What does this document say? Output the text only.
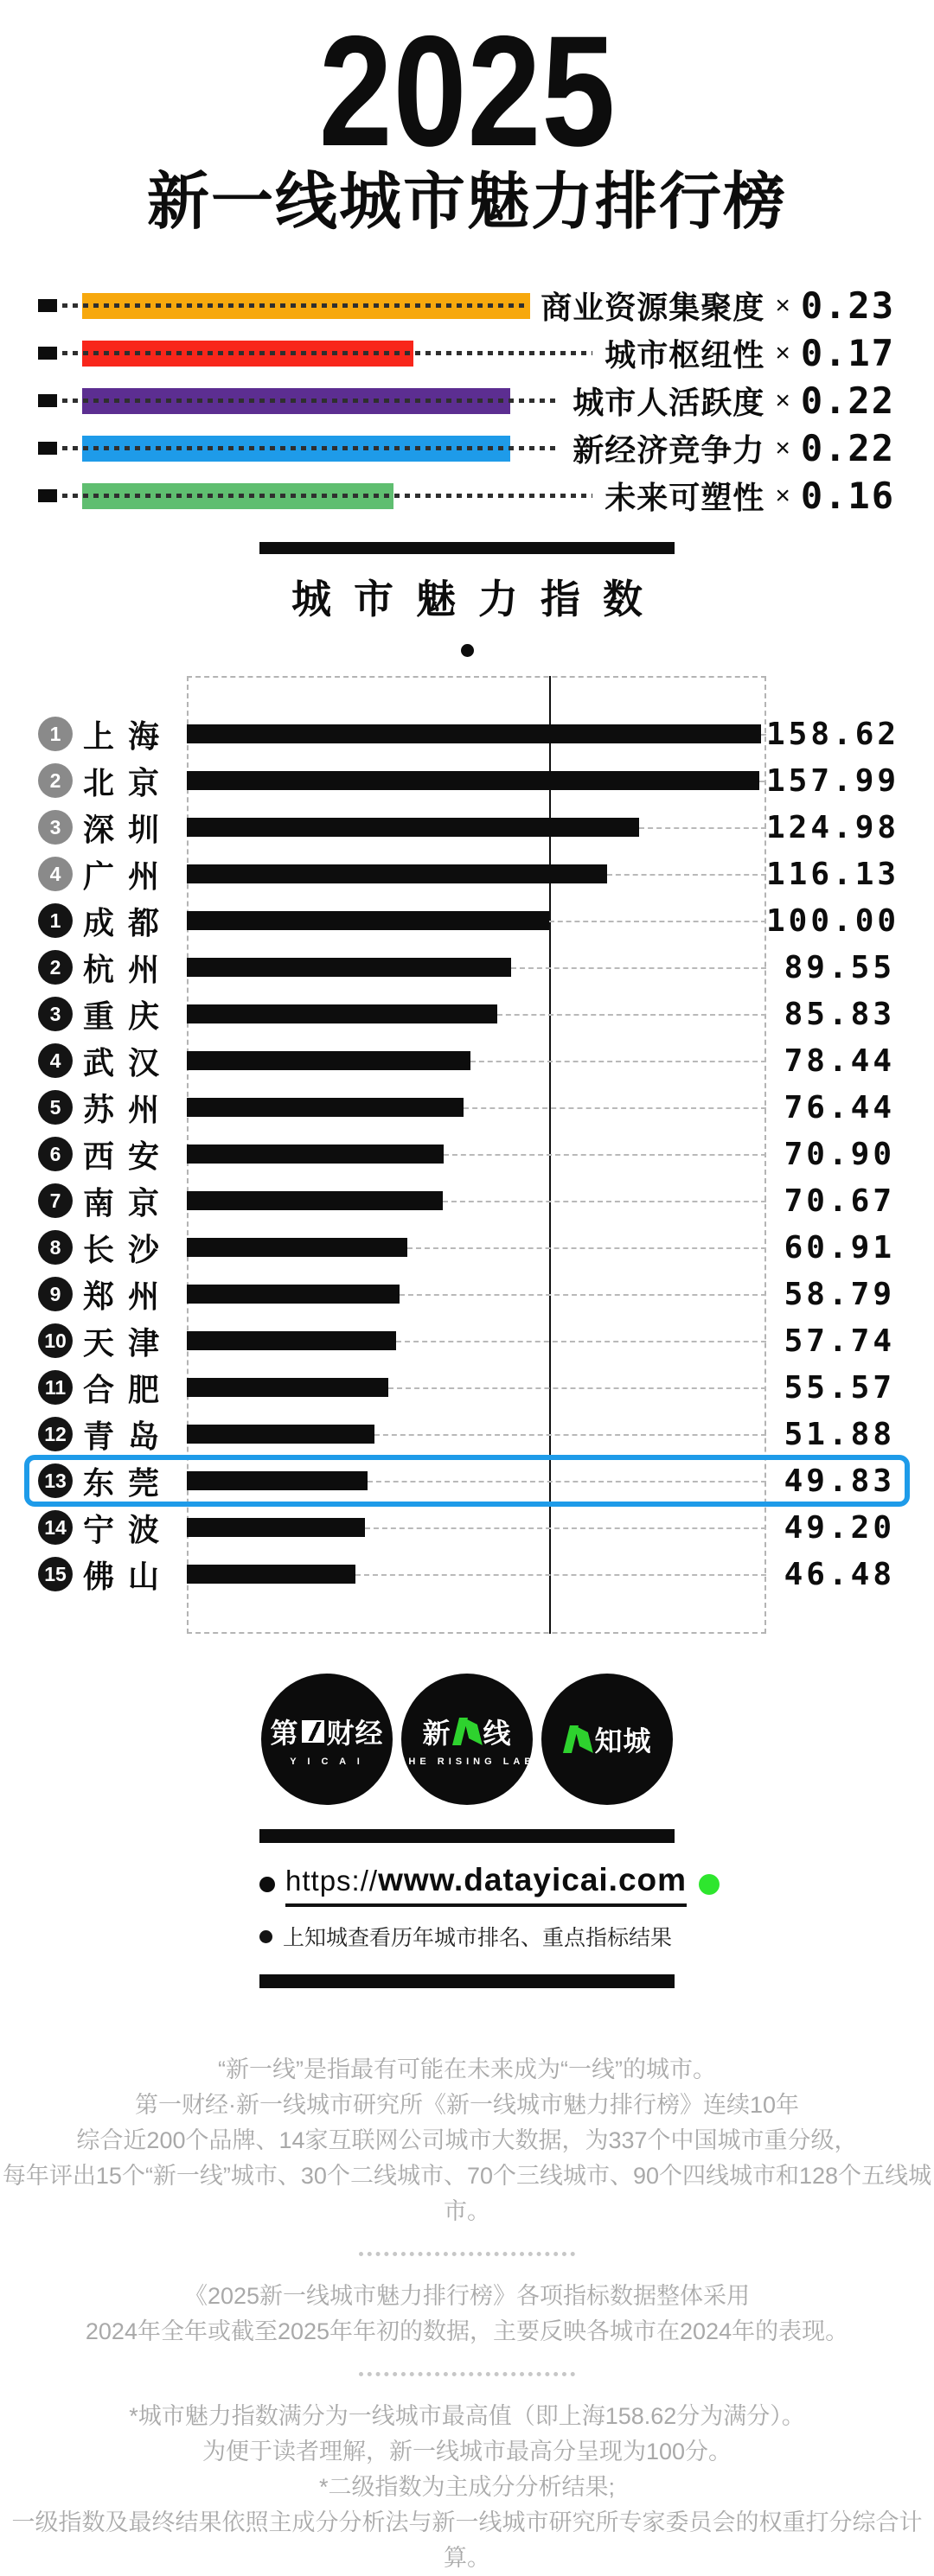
2025
新一线城市魅力排行榜
商业资源集聚度 × 0.23
城市枢纽性 × 0.17
城市人活跃度 × 0.22
新经济竞争力 × 0.22
未来可塑性 × 0.16
城市魅力指数
1 上海	158.62
2 北京	157.99
3 深圳	124.98
4 广州	116.13
1 成都	100.00
2 杭州	89.55
3 重庆	85.83
4 武汉	78.44
5 苏州	76.44
6 西安	70.90
7 南京	70.67
8 长沙	60.91
9 郑州	58.79
10 天津	57.74
11 合肥	55.57
12 青岛	51.88
13 东莞	49.83
14 宁波	49.20
15 佛山	46.48
第 财经
Y I C A I
新 线
THE RISING LAB
知城
https://www.datayicai.com
上知城查看历年城市排名、重点指标结果

“新一线”是指最有可能在未来成为“一线”的城市。

第一财经·新一线城市研究所《新一线城市魅力排行榜》连续10年

综合近200个品牌、14家互联网公司城市大数据，为337个中国城市重分级，

每年评出15个“新一线”城市、30个二线城市、70个三线城市、90个四线城市和128个五线城市。

《2025新一线城市魅力排行榜》各项指标数据整体采用

2024年全年或截至2025年年初的数据，主要反映各城市在2024年的表现。

*城市魅力指数满分为一线城市最高值（即上海158.62分为满分）。

为便于读者理解，新一线城市最高分呈现为100分。

*二级指数为主成分分析结果;

一级指数及最终结果依照主成分分析法与新一线城市研究所专家委员会的权重打分综合计算。
